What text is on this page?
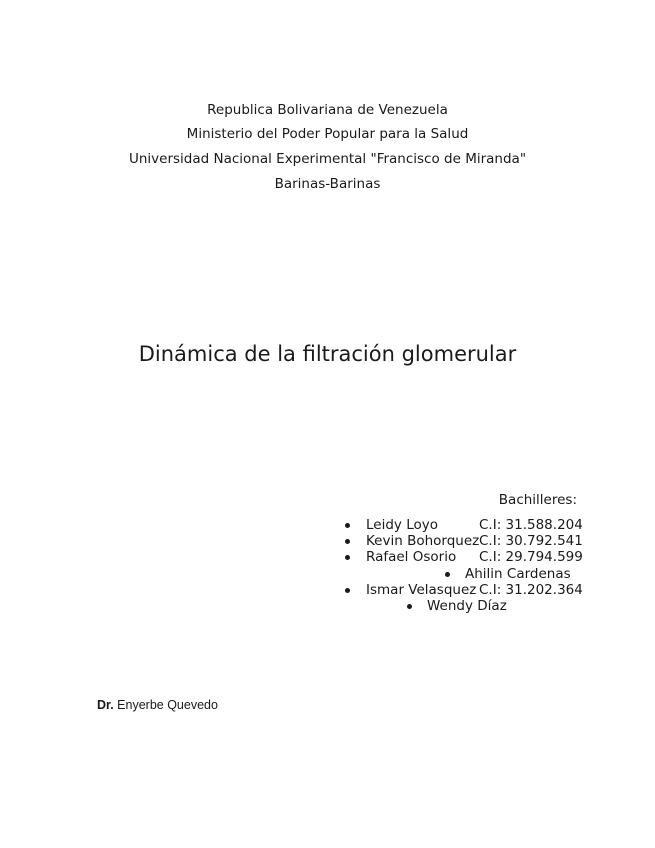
Republica Bolivariana de Venezuela
Ministerio del Poder Popular para la Salud
Universidad Nacional Experimental "Francisco de Miranda"
Barinas-Barinas
Dinámica de la filtración glomerular
Bachilleres:
Leidy Loyo	C.I: 31.588.204
Kevin Bohorquez C.I: 30.792.541
Rafael Osorio C.I: 29.794.599
Ahilin Cardenas
Ismar Velasquez C.I: 31.202.364
Wendy Díaz
Dr. Enyerbe Quevedo
